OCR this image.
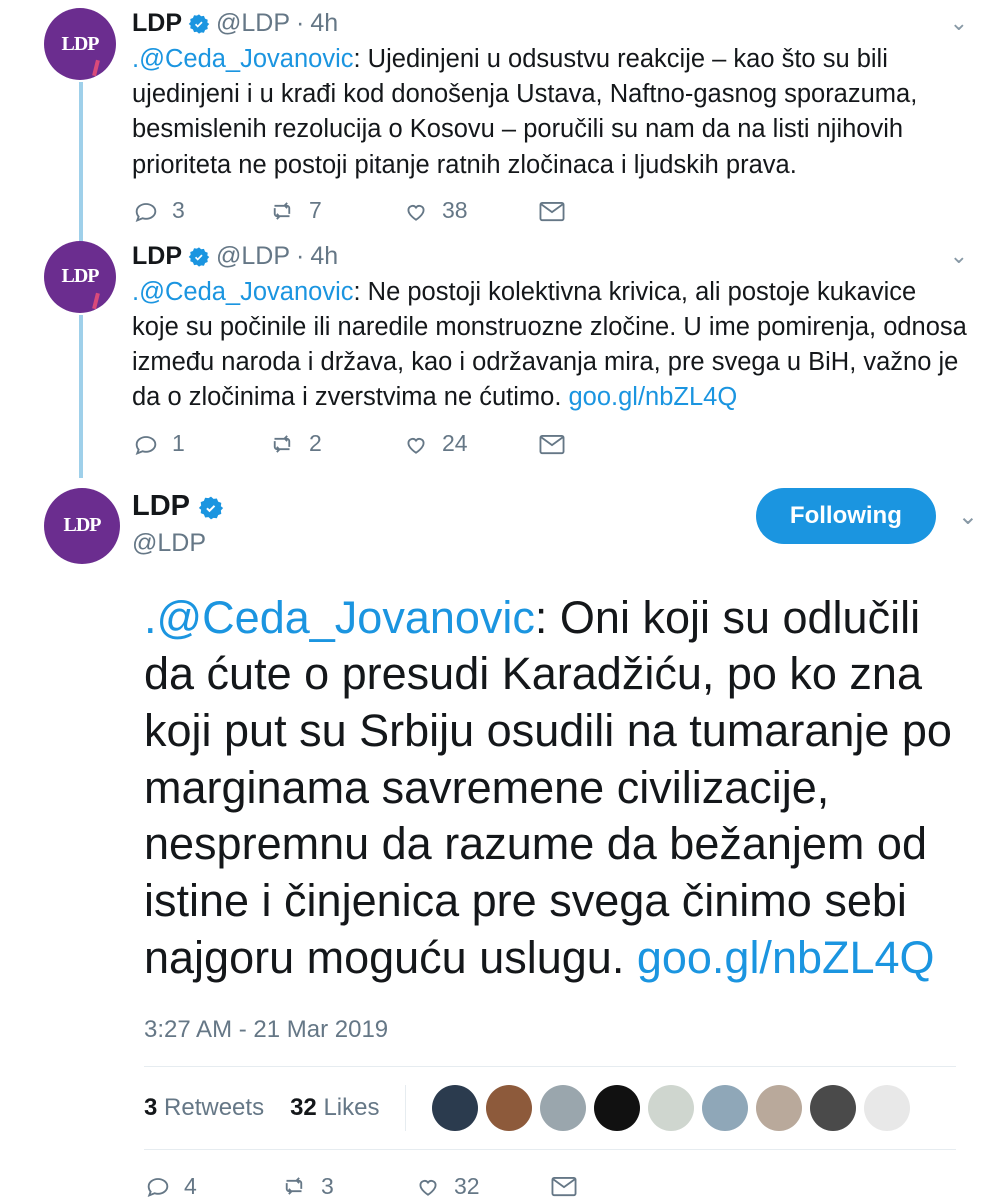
LDP
LDP @LDP · 4h	⌄
.@Ceda_Jovanovic: Ujedinjeni u odsustvu reakcije – kao što su bili ujedinjeni i u krađi kod donošenja Ustava, Naftno-gasnog sporazuma, besmislenih rezolucija o Kosovu – poručili su nam da na listi njihovih prioriteta ne postoji pitanje ratnih zločinaca i ljudskih prava.
3	7	38
LDP
LDP @LDP · 4h	⌄
.@Ceda_Jovanovic: Ne postoji kolektivna krivica, ali postoje kukavice koje su počinile ili naredile monstruozne zločine. U ime pomirenja, odnosa između naroda i država, kao i održavanja mira, pre svega u BiH, važno je da o zločinima i zverstvima ne ćutimo. goo.gl/nbZL4Q
1	2	24
LDP
LDP
@LDP
Following	⌄
.@Ceda_Jovanovic: Oni koji su odlučili da ćute o presudi Karadžiću, po ko zna koji put su Srbiju osudili na tumaranje po marginama savremene civilizacije, nespremnu da razume da bežanjem od istine i činjenica pre svega činimo sebi najgoru moguću uslugu. goo.gl/nbZL4Q
3:27 AM - 21 Mar 2019
3 Retweets 32 Likes
4	3	32
